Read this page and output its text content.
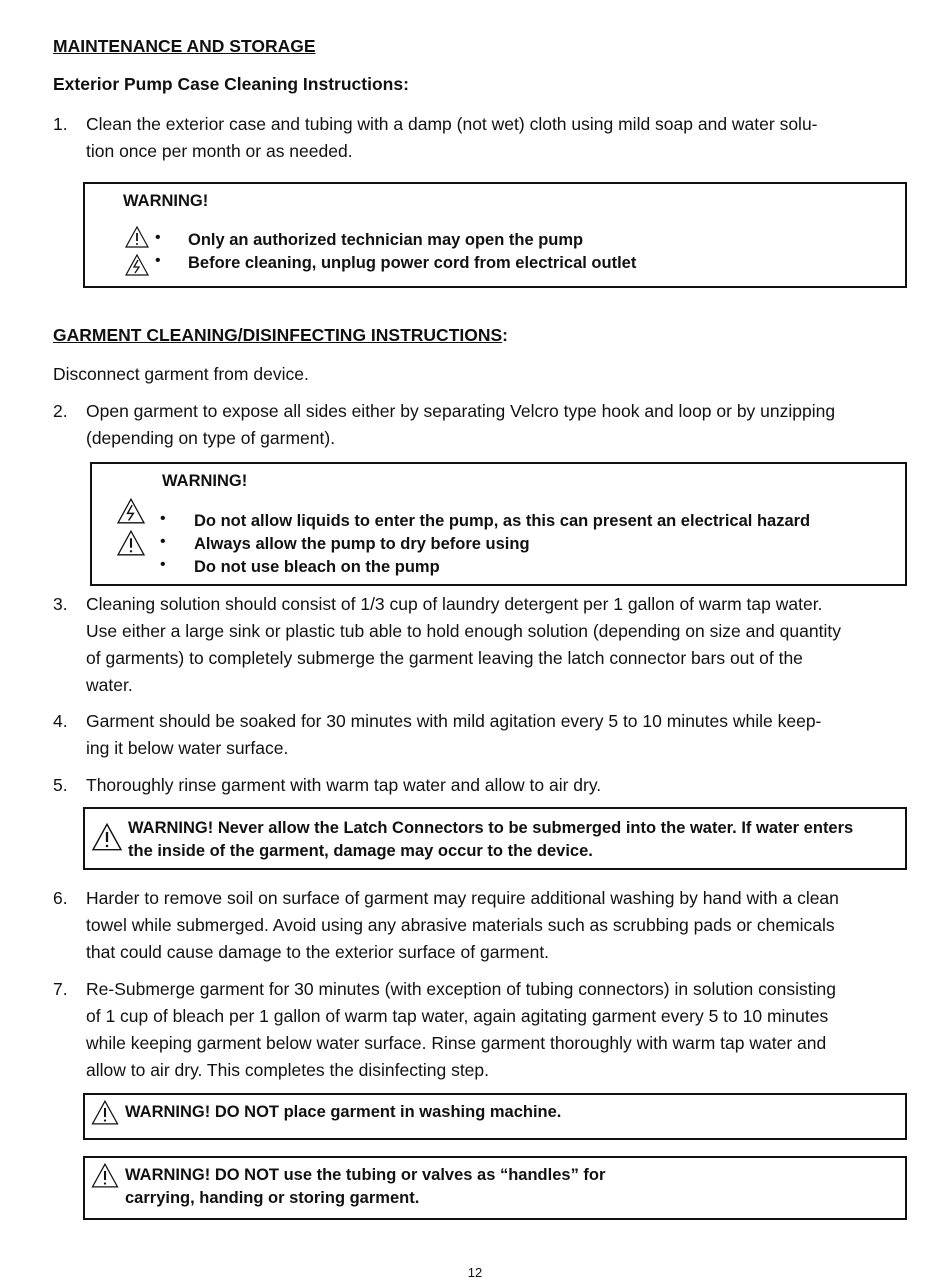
MAINTENANCE AND STORAGE
Exterior Pump Case Cleaning Instructions:
1. Clean the exterior case and tubing with a damp (not wet) cloth using mild soap and water solu-
tion once per month or as needed.
WARNING!
•
•
Only an authorized technician may open the pump
Before cleaning, unplug power cord from electrical outlet
GARMENT CLEANING/DISINFECTING INSTRUCTIONS:
Disconnect garment from device.
2. Open garment to expose all sides either by separating Velcro type hook and loop or by unzipping
(depending on type of garment).
WARNING!
•
•
•
Do not allow liquids to enter the pump, as this can present an electrical hazard
Always allow the pump to dry before using
Do not use bleach on the pump
3. Cleaning solution should consist of 1/3 cup of laundry detergent per 1 gallon of warm tap water.
Use either a large sink or plastic tub able to hold enough solution (depending on size and quantity
of garments) to completely submerge the garment leaving the latch connector bars out of the
water.
4. Garment should be soaked for 30 minutes with mild agitation every 5 to 10 minutes while keep-
ing it below water surface.
5. Thoroughly rinse garment with warm tap water and allow to air dry.
WARNING! Never allow the Latch Connectors to be submerged into the water. If water enters
the inside of the garment, damage may occur to the device.
6. Harder to remove soil on surface of garment may require additional washing by hand with a clean
towel while submerged. Avoid using any abrasive materials such as scrubbing pads or chemicals
that could cause damage to the exterior surface of garment.
7. Re-Submerge garment for 30 minutes (with exception of tubing connectors) in solution consisting
of 1 cup of bleach per 1 gallon of warm tap water, again agitating garment every 5 to 10 minutes
while keeping garment below water surface. Rinse garment thoroughly with warm tap water and
allow to air dry. This completes the disinfecting step.
WARNING! DO NOT place garment in washing machine.
WARNING! DO NOT use the tubing or valves as “handles” for
carrying, handing or storing garment.
12
